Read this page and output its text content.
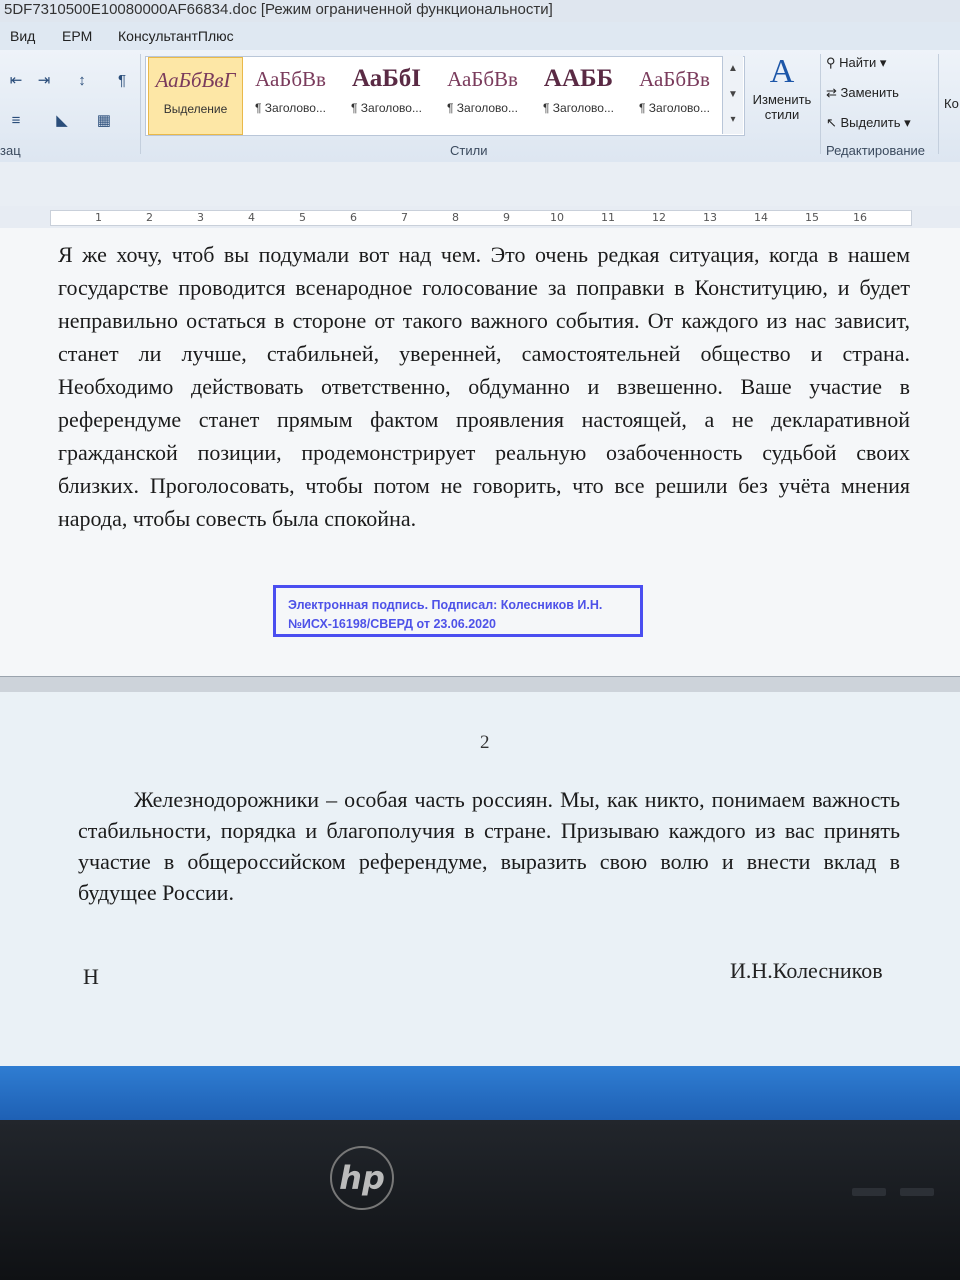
5DF7310500E10080000AF66834.doc [Режим ограниченной функциональности]
Вид EPM КонсультантПлюс
⇤ ⇥	↕	¶
≡	◣ ▦
зац
АаБбВвГ
Выделение
АаБбВв
¶ Заголово...
АаБбІ
¶ Заголово...
АаБбВв
¶ Заголово...
ААББ
¶ Заголово...
АаБбВв
¶ Заголово...
▲
▼
▾
A
Изменить стили
⚲ Найти ▾
⇄ Заменить
↖ Выделить ▾
Стили	Редактирование
Ко
1	2	3	4	5	6	7	8	9	10	11	12	13	14	15	16
Я же хочу, чтоб вы подумали вот над чем. Это очень редкая ситуация, когда в нашем государстве проводится всенародное голосование за поправки в Конституцию, и будет неправильно остаться в стороне от такого важного события. От каждого из нас зависит, станет ли лучше, стабильней, уверенней, самостоятельней общество и страна. Необходимо действовать ответственно, обдуманно и взвешенно. Ваше участие в референдуме станет прямым фактом проявления настоящей, а не декларативной гражданской позиции, продемонстрирует реальную озабоченность судьбой своих близких. Проголосовать, чтобы потом не говорить, что все решили без учёта мнения народа, чтобы совесть была спокойна.
Электронная подпись. Подписал: Колесников И.Н.
№ИСХ-16198/СВЕРД от 23.06.2020
2
Железнодорожники – особая часть россиян. Мы, как никто, понимаем важность стабильности, порядка и благополучия в стране. Призываю каждого из вас принять участие в общероссийском референдуме, выразить свою волю и внести вклад в будущее России.
Н	И.Н.Колесников
hp
